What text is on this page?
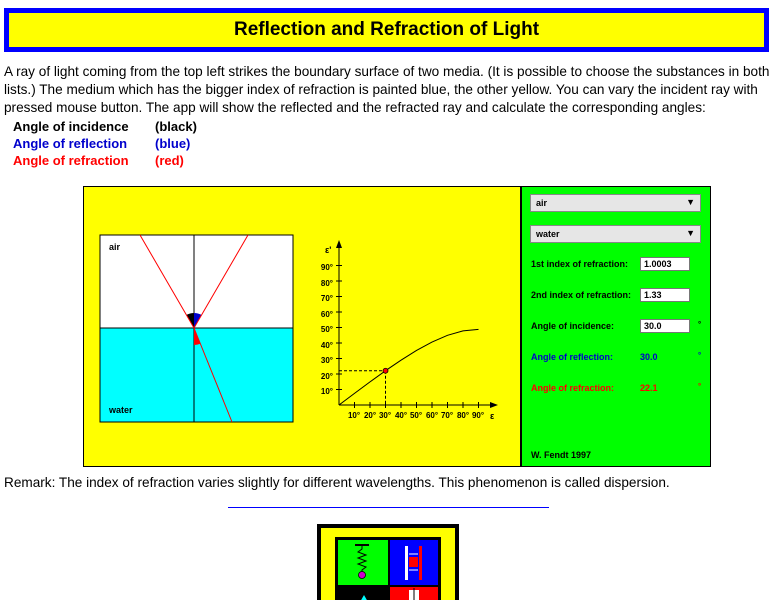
Reflection and Refraction of Light
A ray of light coming from the top left strikes the boundary surface of two media. (It is possible to choose the substances in both lists.) The medium which has the bigger index of refraction is painted blue, the other yellow. You can vary the incident ray with pressed mouse button. The app will show the reflected and the refracted ray and calculate the corresponding angles:
Angle of incidence	(black)
Angle of reflection	(blue)
Angle of refraction	(red)
air
water
ε'
ε
90°
80°
70°
60°
50°
40°
30°
20°
10°
10° 20° 30° 40° 50° 60° 70° 80° 90°
air	▼
water	▼
1st index of refraction:	1.0003
2nd index of refraction:	1.33
Angle of incidence:	30.0	°
Angle of reflection:	30.0	°
Angle of refraction:	22.1	°
W. Fendt 1997
Remark: The index of refraction varies slightly for different wavelengths. This phenomenon is called dispersion.
